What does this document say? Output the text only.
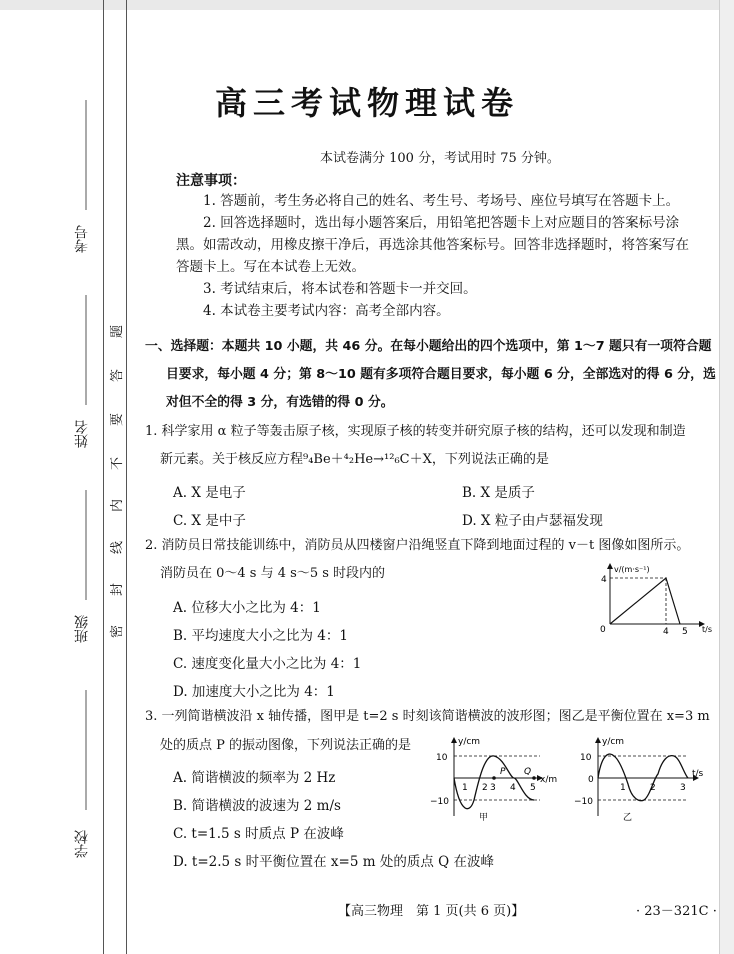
考号
姓名
班级
学校
密
封
线
内
不
要
答
题
高三考试物理试卷
本试卷满分 100 分，考试用时 75 分钟。
注意事项：
1. 答题前，考生务必将自己的姓名、考生号、考场号、座位号填写在答题卡上。
2. 回答选择题时，选出每小题答案后，用铅笔把答题卡上对应题目的答案标号涂
黑。如需改动，用橡皮擦干净后，再选涂其他答案标号。回答非选择题时，将答案写在
答题卡上。写在本试卷上无效。
3. 考试结束后，将本试卷和答题卡一并交回。
4. 本试卷主要考试内容：高考全部内容。
一、选择题：本题共 10 小题，共 46 分。在每小题给出的四个选项中，第 1～7 题只有一项符合题
目要求，每小题 4 分；第 8～10 题有多项符合题目要求，每小题 6 分，全部选对的得 6 分，选
对但不全的得 3 分，有选错的得 0 分。
1. 科学家用 α 粒子等轰击原子核，实现原子核的转变并研究原子核的结构，还可以发现和制造
新元素。关于核反应方程⁹₄Be＋⁴₂He→¹²₆C＋X，下列说法正确的是
A. X 是电子	B. X 是质子
C. X 是中子	D. X 粒子由卢瑟福发现
2. 消防员日常技能训练中，消防员从四楼窗户沿绳竖直下降到地面过程的 v－t 图像如图所示。
消防员在 0～4 s 与 4 s～5 s 时段内的
A. 位移大小之比为 4：1
B. 平均速度大小之比为 4：1
C. 速度变化量大小之比为 4：1
D. 加速度大小之比为 4：1
v/(m·s⁻¹)
t/s
0
4
4 5
3. 一列简谐横波沿 x 轴传播，图甲是 t=2 s 时刻该简谐横波的波形图；图乙是平衡位置在 x=3 m
处的质点 P 的振动图像，下列说法正确的是
A. 简谐横波的频率为 2 Hz
B. 简谐横波的波速为 2 m/s
C. t=1.5 s 时质点 P 在波峰
D. t=2.5 s 时平衡位置在 x=5 m 处的质点 Q 在波峰
y/cm
x/m
10
−10
1 2 3 4 5
P Q
甲
y/cm
t/s
10
0
−10
1	2	3
乙
【高三物理　第 1 页(共 6 页)】	· 23－321C ·
